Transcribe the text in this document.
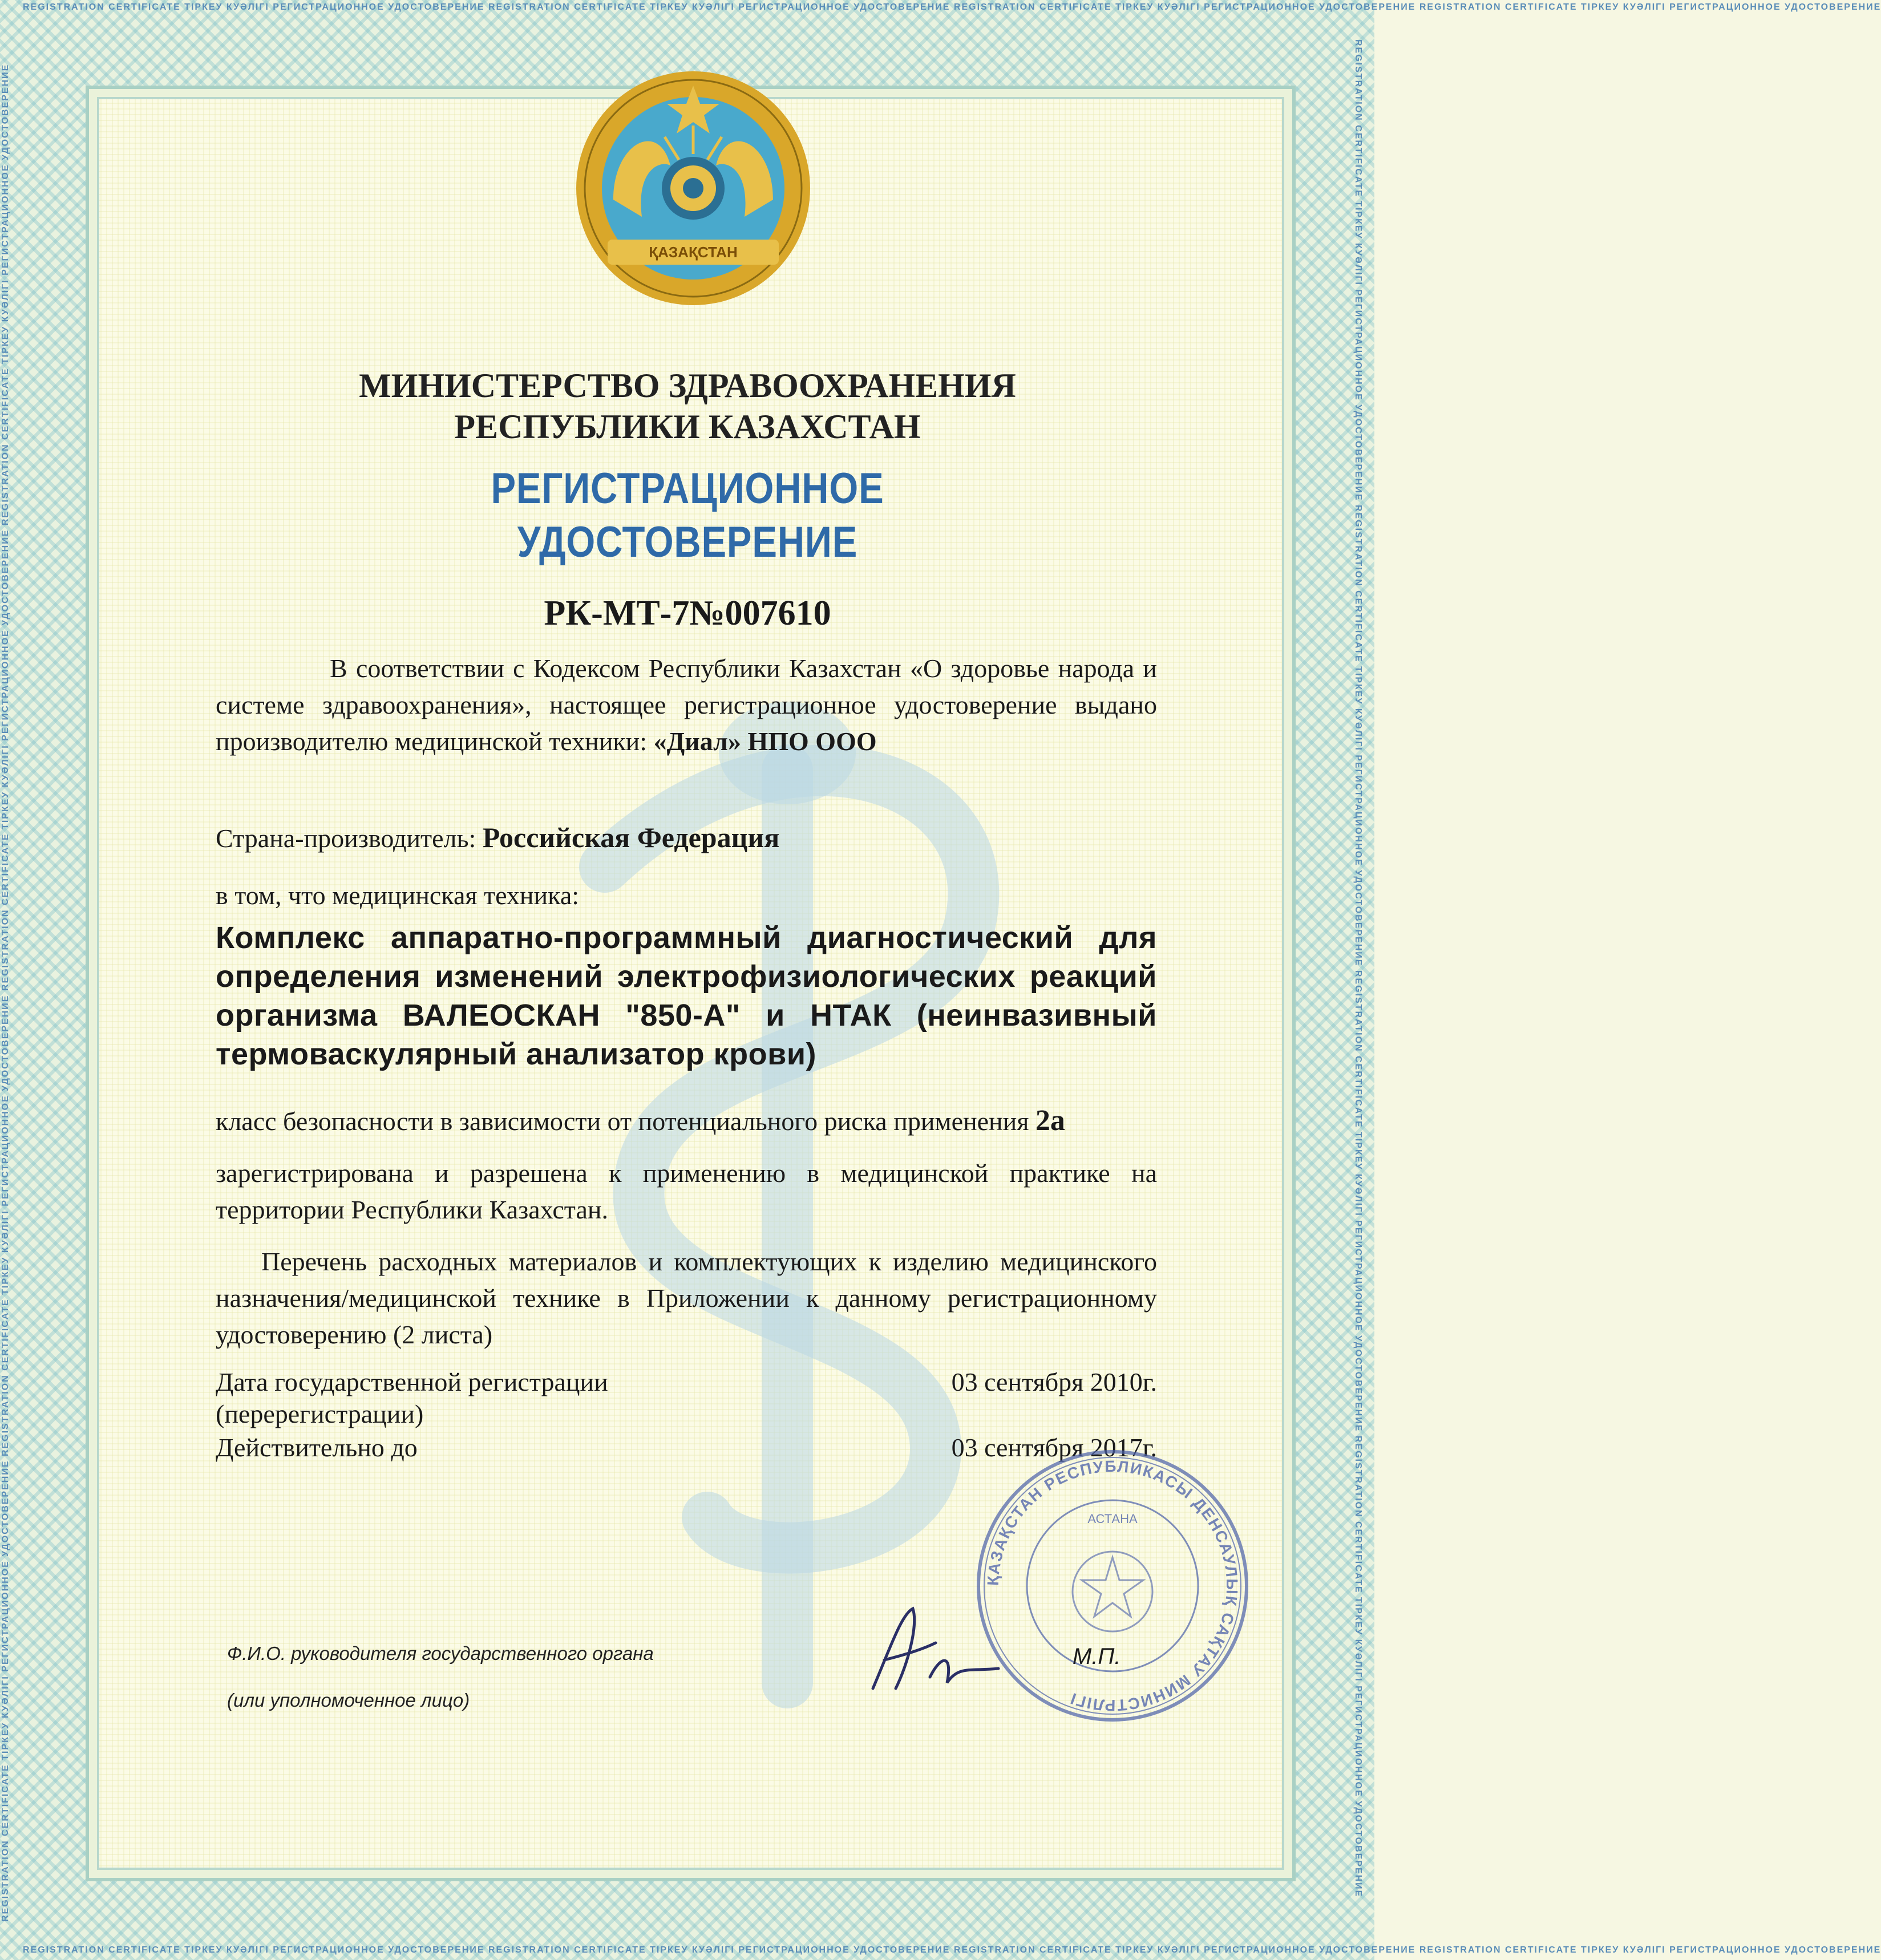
REGISTRATION CERTIFICATE ТІРКЕУ КУӘЛІГІ РЕГИСТРАЦИОННОЕ УДОСТОВЕРЕНИЕ REGISTRATION CERTIFICATE ТІРКЕУ КУӘЛІГІ РЕГИСТРАЦИОННОЕ УДОСТОВЕРЕНИЕ REGISTRATION CERTIFICATE ТІРКЕУ КУӘЛІГІ РЕГИСТРАЦИОННОЕ УДОСТОВЕРЕНИЕ REGISTRATION CERTIFICATE ТІРКЕУ КУӘЛІГІ РЕГИСТРАЦИОННОЕ УДОСТОВЕРЕНИЕ
REGISTRATION CERTIFICATE ТІРКЕУ КУӘЛІГІ РЕГИСТРАЦИОННОЕ УДОСТОВЕРЕНИЕ REGISTRATION CERTIFICATE ТІРКЕУ КУӘЛІГІ РЕГИСТРАЦИОННОЕ УДОСТОВЕРЕНИЕ REGISTRATION CERTIFICATE ТІРКЕУ КУӘЛІГІ РЕГИСТРАЦИОННОЕ УДОСТОВЕРЕНИЕ REGISTRATION CERTIFICATE ТІРКЕУ КУӘЛІГІ РЕГИСТРАЦИОННОЕ УДОСТОВЕРЕНИЕ
REGISTRATION CERTIFICATE ТІРКЕУ КУӘЛІГІ РЕГИСТРАЦИОННОЕ УДОСТОВЕРЕНИЕ REGISTRATION CERTIFICATE ТІРКЕУ КУӘЛІГІ РЕГИСТРАЦИОННОЕ УДОСТОВЕРЕНИЕ REGISTRATION CERTIFICATE ТІРКЕУ КУӘЛІГІ РЕГИСТРАЦИОННОЕ УДОСТОВЕРЕНИЕ REGISTRATION CERTIFICATE ТІРКЕУ КУӘЛІГІ РЕГИСТРАЦИОННОЕ УДОСТОВЕРЕНИЕ	REGISTRATION CERTIFICATE ТІРКЕУ КУӘЛІГІ РЕГИСТРАЦИОННОЕ УДОСТОВЕРЕНИЕ REGISTRATION CERTIFICATE ТІРКЕУ КУӘЛІГІ РЕГИСТРАЦИОННОЕ УДОСТОВЕРЕНИЕ REGISTRATION CERTIFICATE ТІРКЕУ КУӘЛІГІ РЕГИСТРАЦИОННОЕ УДОСТОВЕРЕНИЕ REGISTRATION CERTIFICATE ТІРКЕУ КУӘЛІГІ РЕГИСТРАЦИОННОЕ УДОСТОВЕРЕНИЕ
ҚАЗАҚСТАН
МИНИСТЕРСТВО ЗДРАВООХРАНЕНИЯ
РЕСПУБЛИКИ КАЗАХСТАН
РЕГИСТРАЦИОННОЕ
УДОСТОВЕРЕНИЕ
РК-МТ-7№007610
В соответствии с Кодексом Республики Казахстан «О здоровье народа и системе здравоохранения», настоящее регистрационное удостоверение выдано производителю медицинской техники: «Диал» НПО ООО
Страна-производитель: Российская Федерация
в том, что медицинская техника:
Комплекс аппаратно-программный диагностический для определения изменений электрофизиологических реакций организма ВАЛЕОСКАН "850-А" и НТАК (неинвазивный термоваскулярный анализатор крови)
класс безопасности в зависимости от потенциального риска применения 2а
зарегистрирована и разрешена к применению в медицинской практике на территории Республики Казахстан.
Перечень расходных материалов и комплектующих к изделию медицинского назначения/медицинской технике в Приложении к данному регистрационному удостоверению (2 листа)
Дата государственной регистрации
(перерегистрации)
03 сентября 2010г.
Действительно до	03 сентября 2017г.
ҚАЗАҚСТАН РЕСПУБЛИКАСЫ ДЕНСАУЛЫҚ САҚТАУ МИНИСТРЛІГІ
АСТАНА
Ф.И.О. руководителя государственного органа
(или уполномоченное лицо)
М.П.
